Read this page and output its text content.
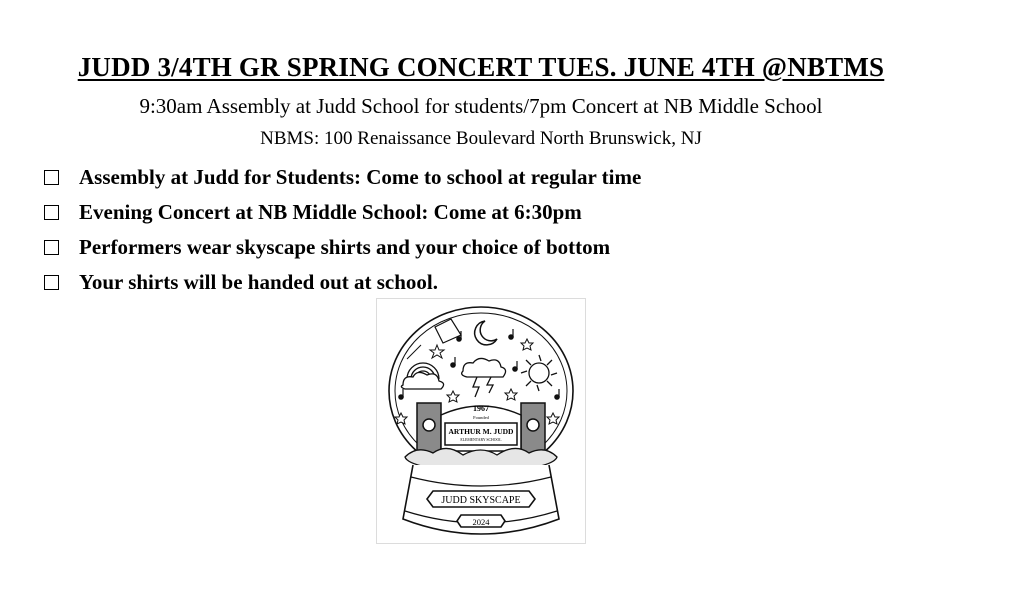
JUDD 3/4TH GR SPRING CONCERT TUES. JUNE 4TH @NBTMS
9:30am Assembly at Judd School for students/7pm Concert at NB Middle School
NBMS: 100 Renaissance Boulevard North Brunswick, NJ
Assembly at Judd for Students: Come to school at regular time
Evening Concert at NB Middle School: Come at 6:30pm
Performers wear skyscape shirts and your choice of bottom
Your shirts will be handed out at school.
1967
Founded
ARTHUR M. JUDD
ELEMENTARY SCHOOL
JUDD SKYSCAPE
2024
